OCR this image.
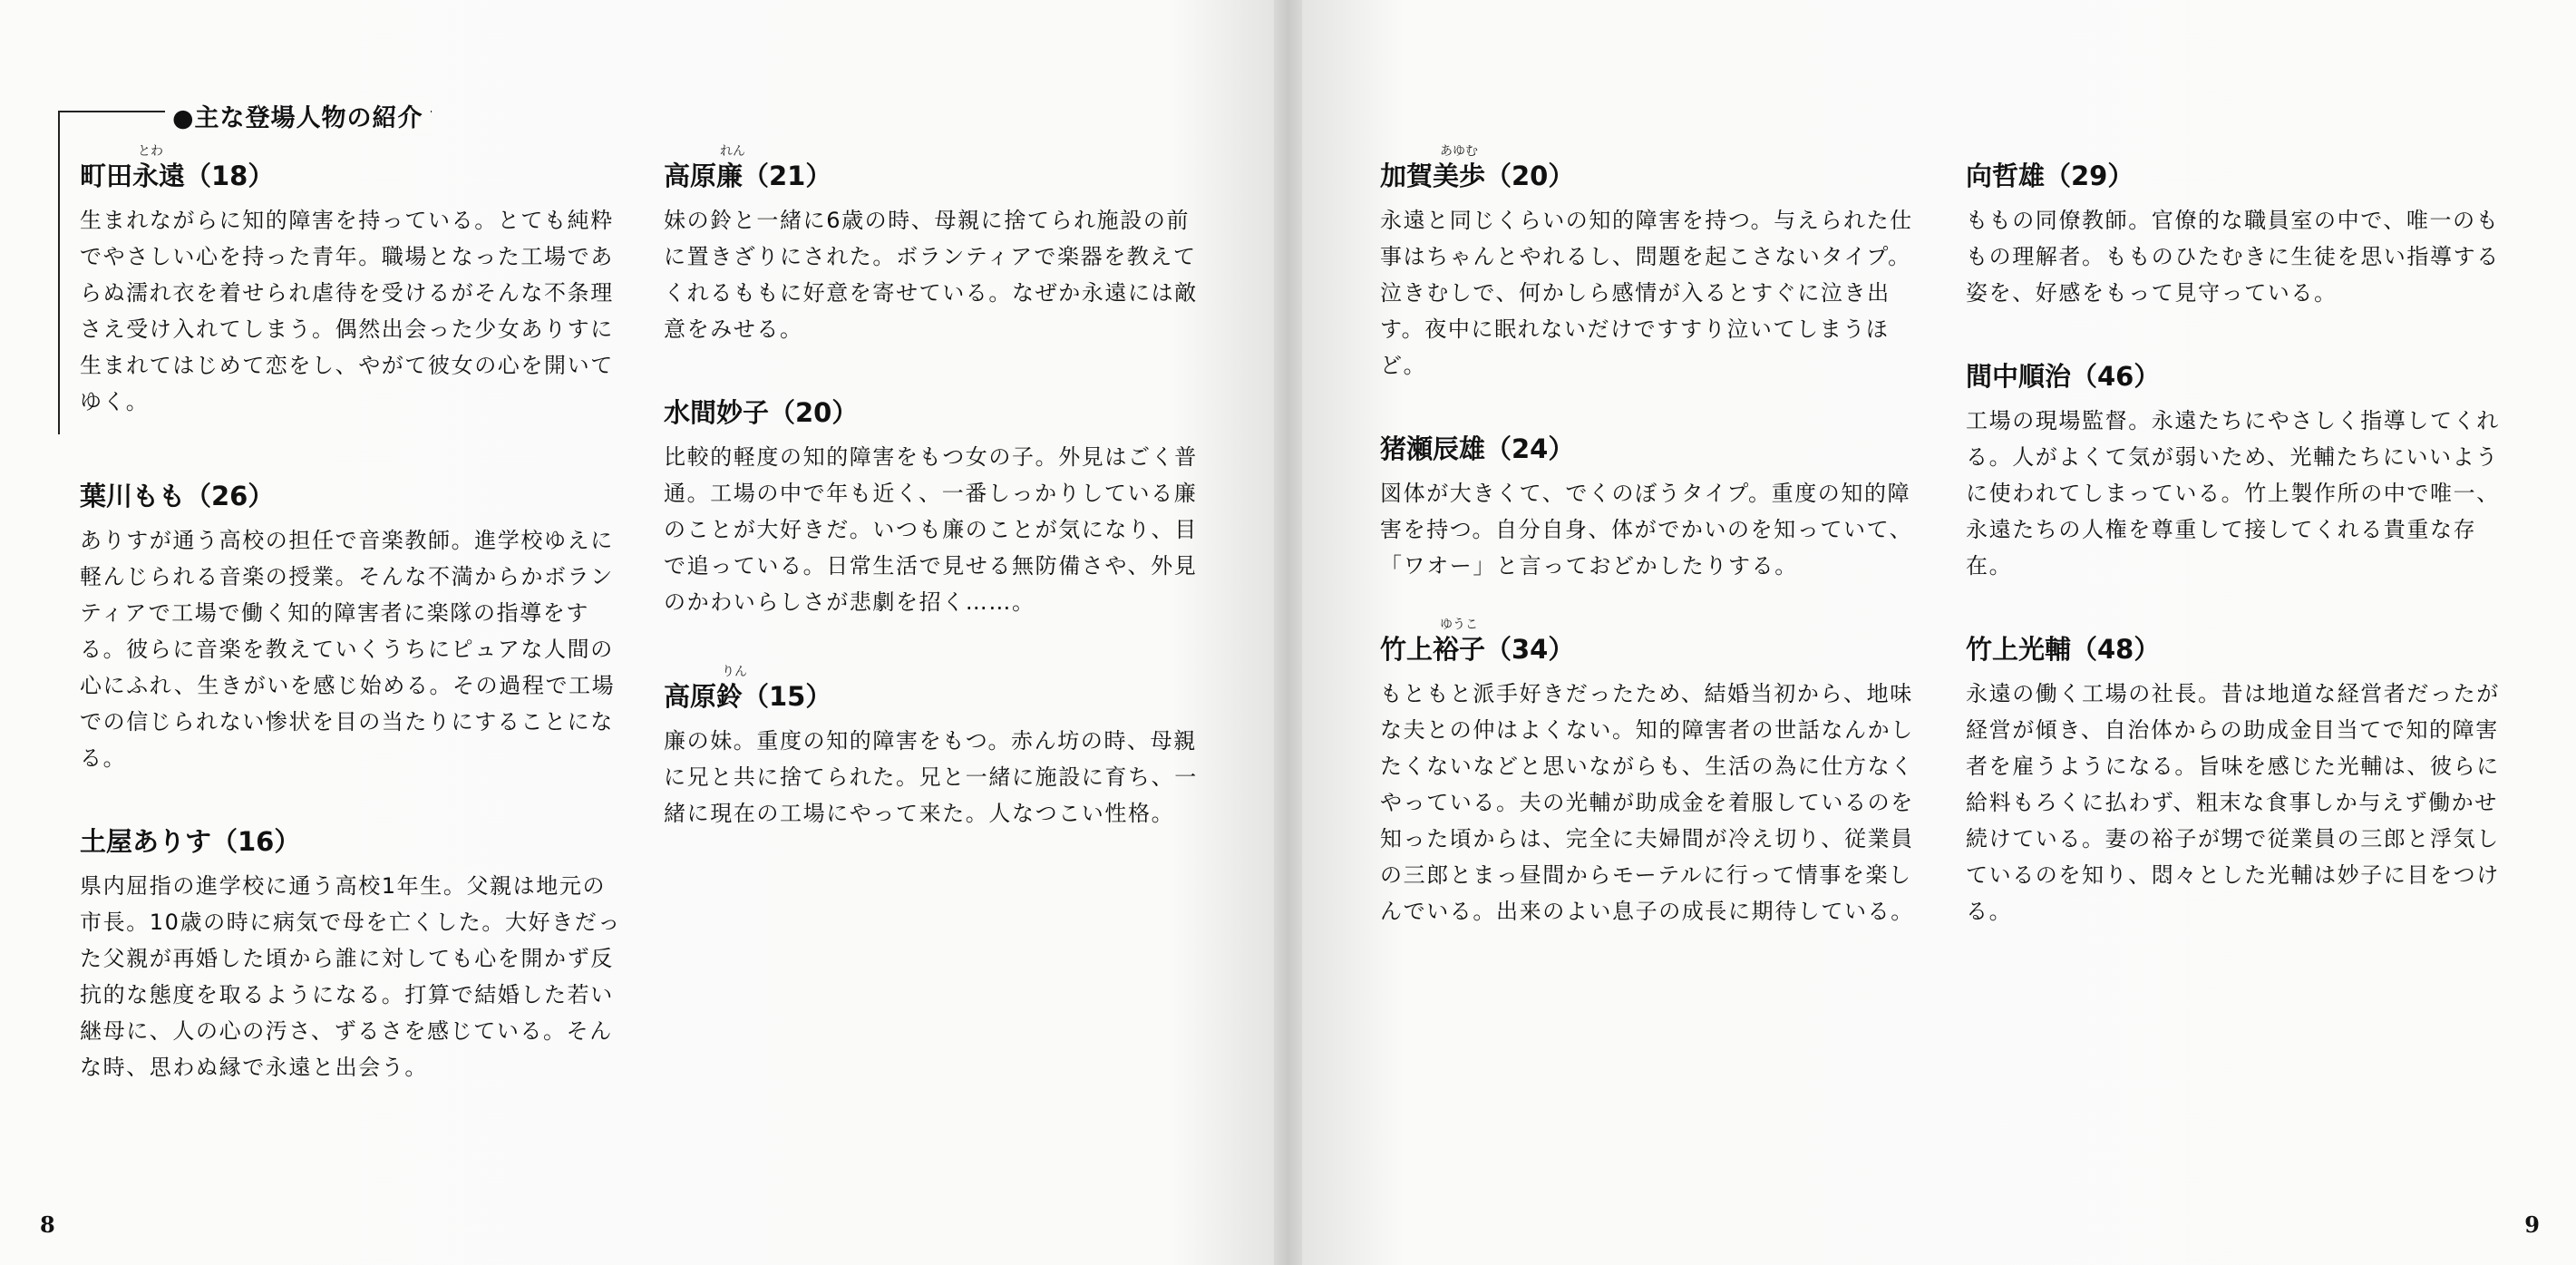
●主な登場人物の紹介
とわ
町田永遠（18）

生まれながらに知的障害を持っている。とても純粋でやさしい心を持った青年。職場となった工場であらぬ濡れ衣を着せられ虐待を受けるがそんな不条理さえ受け入れてしまう。偶然出会った少女ありすに生まれてはじめて恋をし、やがて彼女の心を開いてゆく。

葉川もも（26）

ありすが通う高校の担任で音楽教師。進学校ゆえに軽んじられる音楽の授業。そんな不満からかボランティアで工場で働く知的障害者に楽隊の指導をする。彼らに音楽を教えていくうちにピュアな人間の心にふれ、生きがいを感じ始める。その過程で工場での信じられない惨状を目の当たりにすることになる。

土屋ありす（16）

県内屈指の進学校に通う高校1年生。父親は地元の市長。10歳の時に病気で母を亡くした。大好きだった父親が再婚した頃から誰に対しても心を開かず反抗的な態度を取るようになる。打算で結婚した若い継母に、人の心の汚さ、ずるさを感じている。そんな時、思わぬ縁で永遠と出会う。

れん
高原廉（21）

妹の鈴と一緒に6歳の時、母親に捨てられ施設の前に置きざりにされた。ボランティアで楽器を教えてくれるももに好意を寄せている。なぜか永遠には敵意をみせる。

水間妙子（20）

比較的軽度の知的障害をもつ女の子。外見はごく普通。工場の中で年も近く、一番しっかりしている廉のことが大好きだ。いつも廉のことが気になり、目で追っている。日常生活で見せる無防備さや、外見のかわいらしさが悲劇を招く……。

りん
高原鈴（15）

廉の妹。重度の知的障害をもつ。赤ん坊の時、母親に兄と共に捨てられた。兄と一緒に施設に育ち、一緒に現在の工場にやって来た。人なつこい性格。

8
あゆむ
加賀美歩（20）

永遠と同じくらいの知的障害を持つ。与えられた仕事はちゃんとやれるし、問題を起こさないタイプ。泣きむしで、何かしら感情が入るとすぐに泣き出す。夜中に眠れないだけですすり泣いてしまうほど。

猪瀬辰雄（24）

図体が大きくて、でくのぼうタイプ。重度の知的障害を持つ。自分自身、体がでかいのを知っていて、「ワオー」と言っておどかしたりする。

ゆうこ
竹上裕子（34）

もともと派手好きだったため、結婚当初から、地味な夫との仲はよくない。知的障害者の世話なんかしたくないなどと思いながらも、生活の為に仕方なくやっている。夫の光輔が助成金を着服しているのを知った頃からは、完全に夫婦間が冷え切り、従業員の三郎とまっ昼間からモーテルに行って情事を楽しんでいる。出来のよい息子の成長に期待している。

向哲雄（29）

ももの同僚教師。官僚的な職員室の中で、唯一のももの理解者。もものひたむきに生徒を思い指導する姿を、好感をもって見守っている。

間中順治（46）

工場の現場監督。永遠たちにやさしく指導してくれる。人がよくて気が弱いため、光輔たちにいいように使われてしまっている。竹上製作所の中で唯一、永遠たちの人権を尊重して接してくれる貴重な存在。

竹上光輔（48）

永遠の働く工場の社長。昔は地道な経営者だったが経営が傾き、自治体からの助成金目当てで知的障害者を雇うようになる。旨味を感じた光輔は、彼らに給料もろくに払わず、粗末な食事しか与えず働かせ続けている。妻の裕子が甥で従業員の三郎と浮気しているのを知り、悶々とした光輔は妙子に目をつける。

9
